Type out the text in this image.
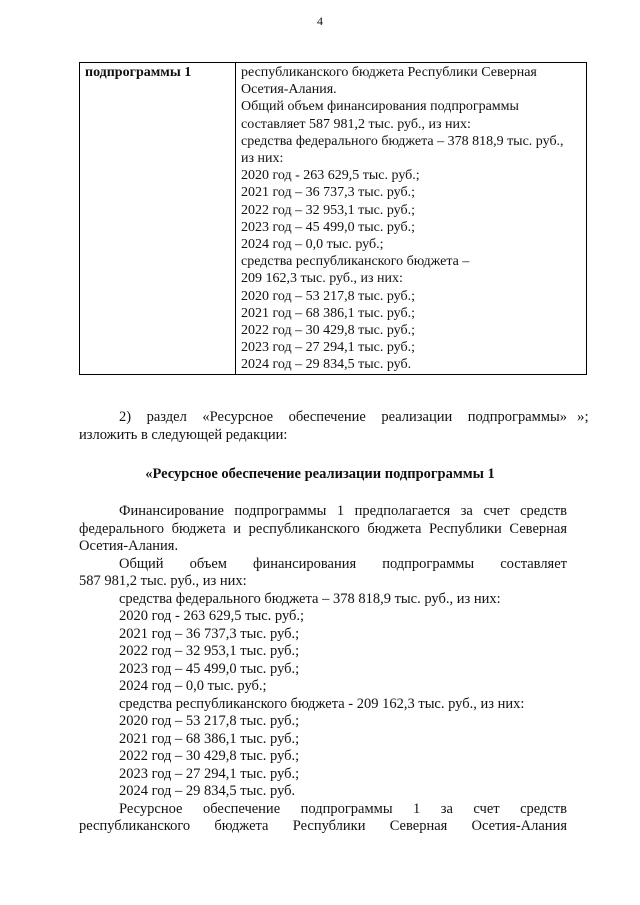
4
подпрограммы 1	республиканского бюджета Республики Северная
Осетия-Алания.
Общий объем финансирования подпрограммы
составляет 587 981,2 тыс. руб., из них:
средства федерального бюджета – 378 818,9 тыс. руб.,
из них:
2020 год - 263 629,5 тыс. руб.;
2021 год – 36 737,3 тыс. руб.;
2022 год – 32 953,1 тыс. руб.;
2023 год – 45 499,0 тыс. руб.;
2024 год – 0,0 тыс. руб.;
средства республиканского бюджета –
209 162,3 тыс. руб., из них:
2020 год – 53 217,8 тыс. руб.;
2021 год – 68 386,1 тыс. руб.;
2022 год – 30 429,8 тыс. руб.;
2023 год – 27 294,1 тыс. руб.;
2024 год – 29 834,5 тыс. руб.
»;
2) раздел «Ресурсное обеспечение реализации подпрограммы»
изложить в следующей редакции:
«Ресурсное обеспечение реализации подпрограммы 1
Финансирование подпрограммы 1 предполагается за счет средств
федерального бюджета и республиканского бюджета Республики Северная
Осетия-Алания.
Общий объем финансирования подпрограммы составляет
587 981,2 тыс. руб., из них:
средства федерального бюджета – 378 818,9 тыс. руб., из них:
2020 год - 263 629,5 тыс. руб.;
2021 год – 36 737,3 тыс. руб.;
2022 год – 32 953,1 тыс. руб.;
2023 год – 45 499,0 тыс. руб.;
2024 год – 0,0 тыс. руб.;
средства республиканского бюджета - 209 162,3 тыс. руб., из них:
2020 год – 53 217,8 тыс. руб.;
2021 год – 68 386,1 тыс. руб.;
2022 год – 30 429,8 тыс. руб.;
2023 год – 27 294,1 тыс. руб.;
2024 год – 29 834,5 тыс. руб.
Ресурсное обеспечение подпрограммы 1 за счет средств
республиканского бюджета Республики Северная Осетия-Алания
